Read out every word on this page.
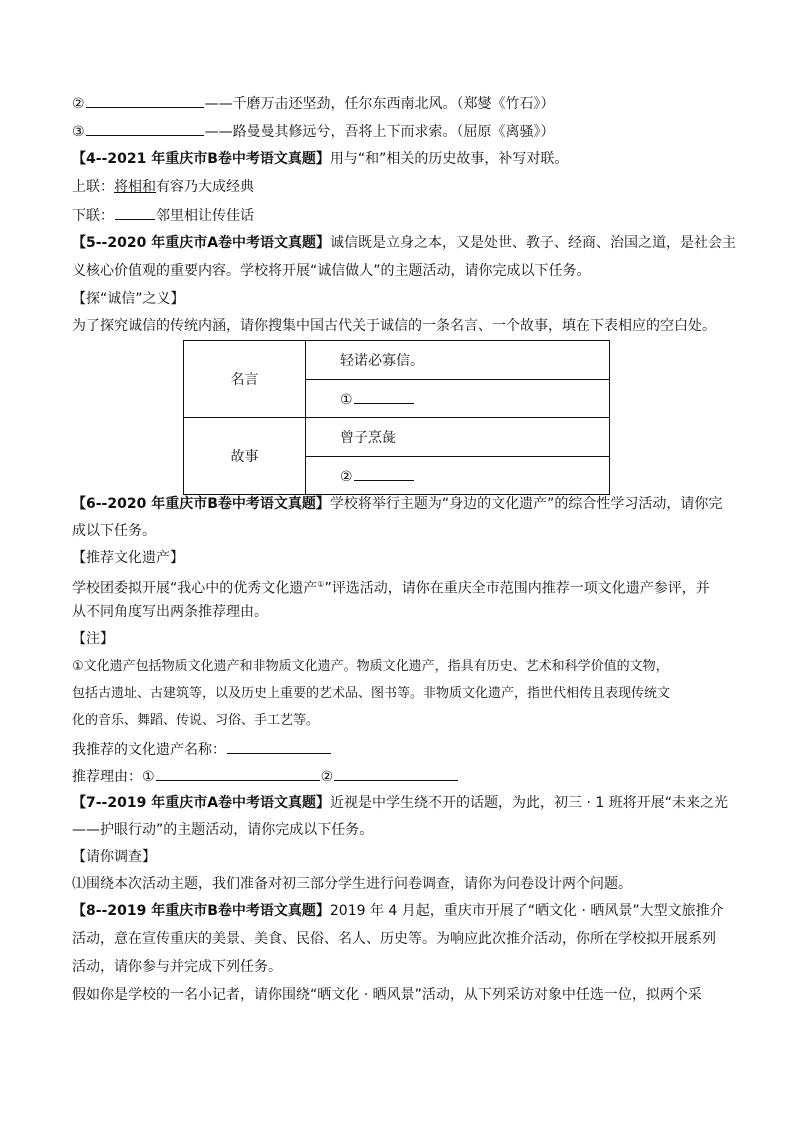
②	——千磨万击还坚劲，任尔东西南北风。（郑燮《竹石》）
③	——路曼曼其修远兮，吾将上下而求索。（屈原《离骚》）
【4--2021 年重庆市B卷中考语文真题】用与“和”相关的历史故事，补写对联。
上联：将相和有容乃大成经典
下联：	邻里相让传佳话
【5--2020 年重庆市A卷中考语文真题】诚信既是立身之本，又是处世、教子、经商、治国之道，是社会主
义核心价值观的重要内容。学校将开展“诚信做人”的主题活动，请你完成以下任务。
【探“诚信”之义】
为了探究诚信的传统内涵，请你搜集中国古代关于诚信的一条名言、一个故事，填在下表相应的空白处。
名言	轻诺必寡信。
	①
故事	曾子烹彘
	②
【6--2020 年重庆市B卷中考语文真题】学校将举行主题为“身边的文化遗产”的综合性学习活动，请你完
成以下任务。
【推荐文化遗产】
学校团委拟开展“我心中的优秀文化遗产①”评选活动，请你在重庆全市范围内推荐一项文化遗产参评，并
从不同角度写出两条推荐理由。
【注】
①文化遗产包括物质文化遗产和非物质文化遗产。物质文化遗产，指具有历史、艺术和科学价值的文物，
包括古遗址、古建筑等，以及历史上重要的艺术品、图书等。非物质文化遗产，指世代相传且表现传统文
化的音乐、舞蹈、传说、习俗、手工艺等。
我推荐的文化遗产名称：
推荐理由：①	②
【7--2019 年重庆市A卷中考语文真题】近视是中学生绕不开的话题，为此，初三 · 1 班将开展“未来之光
——护眼行动”的主题活动，请你完成以下任务。
【请你调查】
⑴围绕本次活动主题，我们准备对初三部分学生进行问卷调查，请你为问卷设计两个问题。
【8--2019 年重庆市B卷中考语文真题】2019 年 4 月起，重庆市开展了“晒文化 · 晒风景”大型文旅推介
活动，意在宣传重庆的美景、美食、民俗、名人、历史等。为响应此次推介活动，你所在学校拟开展系列
活动，请你参与并完成下列任务。
假如你是学校的一名小记者，请你围绕“晒文化 · 晒风景”活动，从下列采访对象中任选一位，拟两个采
